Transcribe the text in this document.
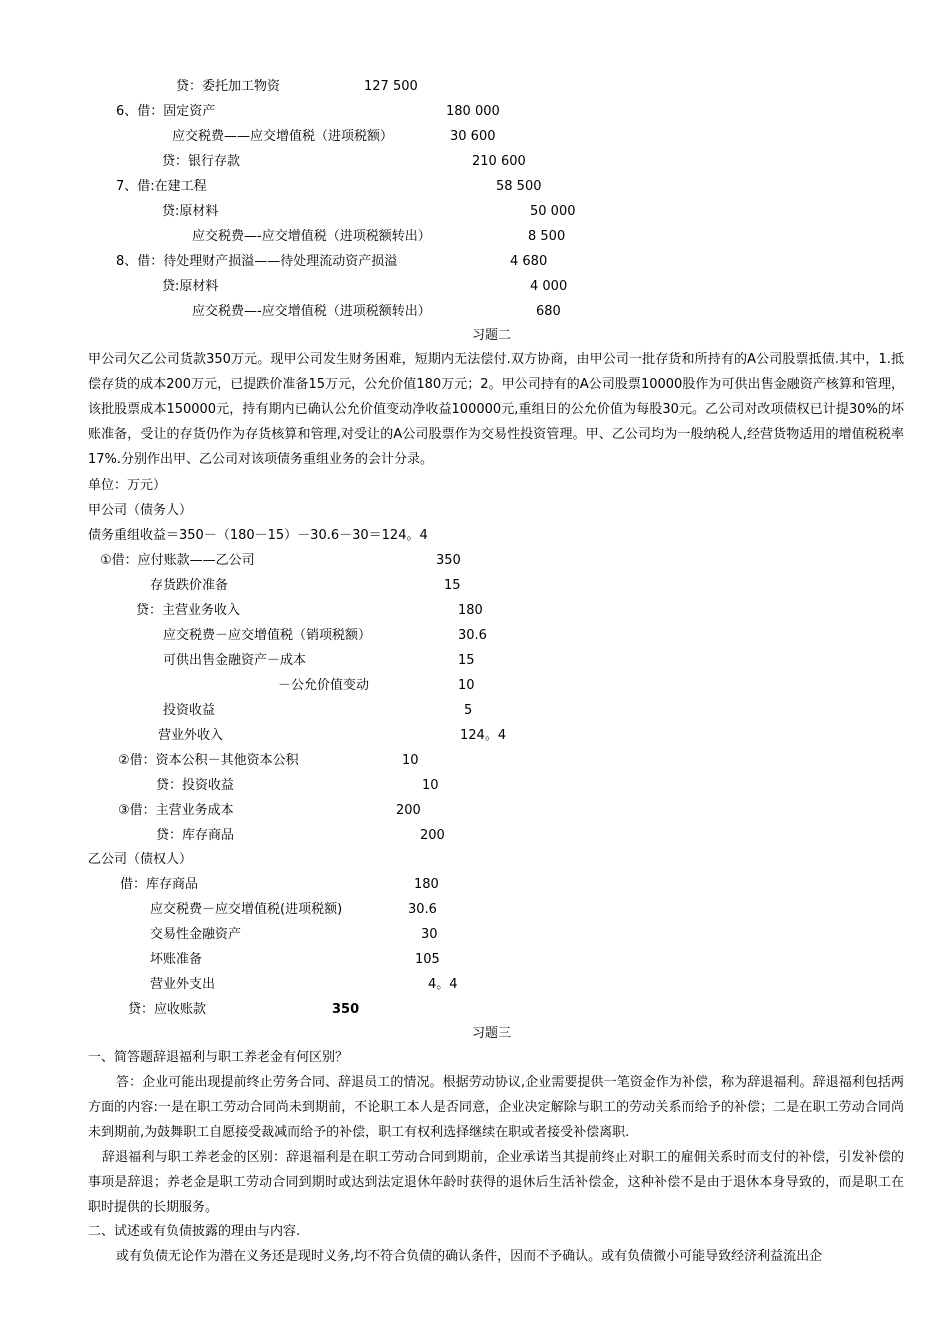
贷：委托加工物资	127 500
6、借：固定资产	180 000
应交税费——应交增值税（进项税额）	30 600
贷：银行存款	210 600
7、借:在建工程	58 500
贷:原材料	50 000
应交税费—-应交增值税（进项税额转出）	8 500
8、借：待处理财产损溢——待处理流动资产损溢	4 680
贷:原材料	4 000
应交税费—-应交增值税（进项税额转出）	680
习题二
甲公司欠乙公司货款350万元。现甲公司发生财务困难，短期内无法偿付.双方协商，由甲公司一批存货和所持有的A公司股票抵债.其中，1.抵偿存货的成本200万元，已提跌价准备15万元，公允价值180万元；2。甲公司持有的A公司股票10000股作为可供出售金融资产核算和管理，该批股票成本150000元，持有期内已确认公允价值变动净收益100000元,重组日的公允价值为每股30元。乙公司对改项债权已计提30%的坏账准备，受让的存货仍作为存货核算和管理,对受让的A公司股票作为交易性投资管理。甲、乙公司均为一般纳税人,经营货物适用的增值税税率17%.分别作出甲、乙公司对该项债务重组业务的会计分录。
单位：万元）
甲公司（债务人）
债务重组收益＝350－（180－15）－30.6－30＝124。4
①借：应付账款——乙公司	350
存货跌价准备	15
贷：主营业务收入	180
应交税费－应交增值税（销项税额）	30.6
可供出售金融资产－成本	15
－公允价值变动	10
投资收益	5
营业外收入	124。4
②借：资本公积－其他资本公积	10
贷：投资收益	10
③借：主营业务成本	200
贷：库存商品	200
乙公司（债权人）
借：库存商品	180
应交税费－应交增值税(进项税额)	30.6
交易性金融资产	30
坏账准备	105
营业外支出	4。4
贷：应收账款	350
习题三
一、简答题辞退福利与职工养老金有何区别？
答：企业可能出现提前终止劳务合同、辞退员工的情况。根据劳动协议,企业需要提供一笔资金作为补偿，称为辞退福利。辞退福利包括两方面的内容:一是在职工劳动合同尚未到期前，不论职工本人是否同意，企业决定解除与职工的劳动关系而给予的补偿；二是在职工劳动合同尚未到期前,为鼓舞职工自愿接受裁减而给予的补偿，职工有权利选择继续在职或者接受补偿离职.
辞退福利与职工养老金的区别：辞退福利是在职工劳动合同到期前，企业承诺当其提前终止对职工的雇佣关系时而支付的补偿，引发补偿的事项是辞退；养老金是职工劳动合同到期时或达到法定退休年龄时获得的退休后生活补偿金，这种补偿不是由于退休本身导致的，而是职工在职时提供的长期服务。
二、试述或有负债披露的理由与内容.
或有负债无论作为潜在义务还是现时义务,均不符合负债的确认条件，因而不予确认。或有负债微小可能导致经济利益流出企
